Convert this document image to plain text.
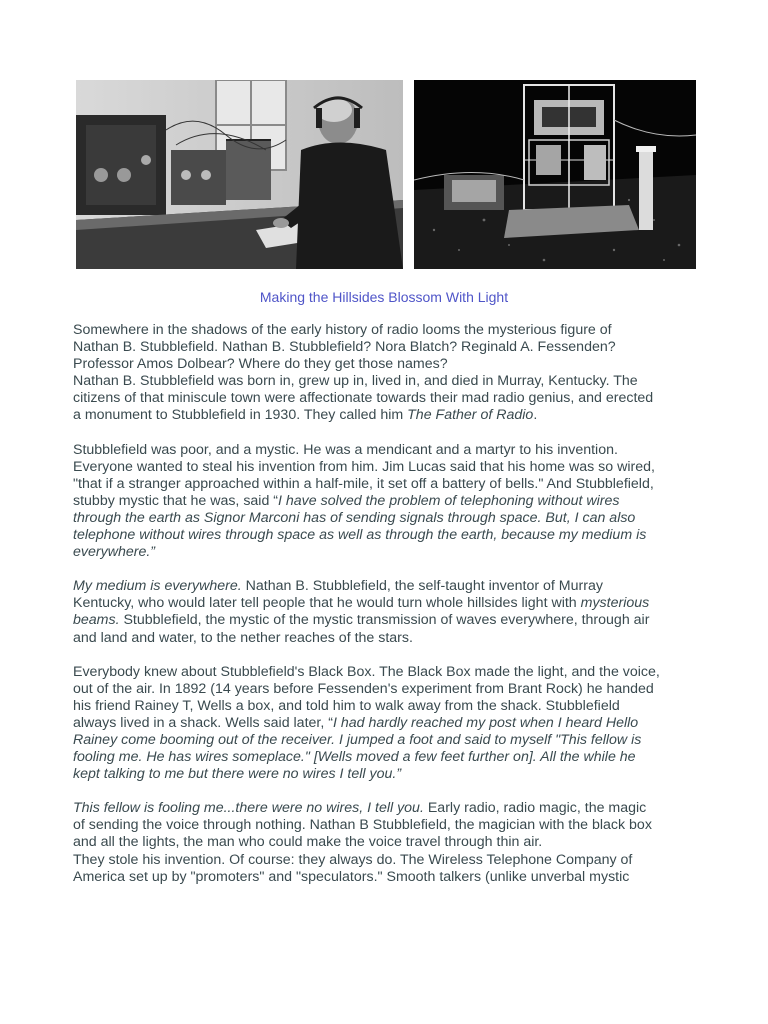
Making the Hillsides Blossom With Light

Somewhere in the shadows of the early history of radio looms the mysterious figure of

Nathan B. Stubblefield. Nathan B. Stubblefield? Nora Blatch? Reginald A. Fessenden?

Professor Amos Dolbear? Where do they get those names?

Nathan B. Stubblefield was born in, grew up in, lived in, and died in Murray, Kentucky. The

citizens of that miniscule town were affectionate towards their mad radio genius, and erected

a monument to Stubblefield in 1930. They called him The Father of Radio.

Stubblefield was poor, and a mystic. He was a mendicant and a martyr to his invention.

Everyone wanted to steal his invention from him. Jim Lucas said that his home was so wired,

"that if a stranger approached within a half-mile, it set off a battery of bells." And Stubblefield,

stubby mystic that he was, said “I have solved the problem of telephoning without wires

through the earth as Signor Marconi has of sending signals through space. But, I can also

telephone without wires through space as well as through the earth, because my medium is

everywhere.”

My medium is everywhere. Nathan B. Stubblefield, the self-taught inventor of Murray

Kentucky, who would later tell people that he would turn whole hillsides light with mysterious

beams. Stubblefield, the mystic of the mystic transmission of waves everywhere, through air

and land and water, to the nether reaches of the stars.

Everybody knew about Stubblefield's Black Box. The Black Box made the light, and the voice,

out of the air. In 1892 (14 years before Fessenden's experiment from Brant Rock) he handed

his friend Rainey T, Wells a box, and told him to walk away from the shack. Stubblefield

always lived in a shack. Wells said later, “I had hardly reached my post when I heard Hello

Rainey come booming out of the receiver. I jumped a foot and said to myself "This fellow is

fooling me. He has wires someplace." [Wells moved a few feet further on]. All the while he

kept talking to me but there were no wires I tell you.”

This fellow is fooling me...there were no wires, I tell you. Early radio, radio magic, the magic

of sending the voice through nothing. Nathan B Stubblefield, the magician with the black box

and all the lights, the man who could make the voice travel through thin air.

They stole his invention. Of course: they always do. The Wireless Telephone Company of

America set up by "promoters" and "speculators." Smooth talkers (unlike unverbal mystic
